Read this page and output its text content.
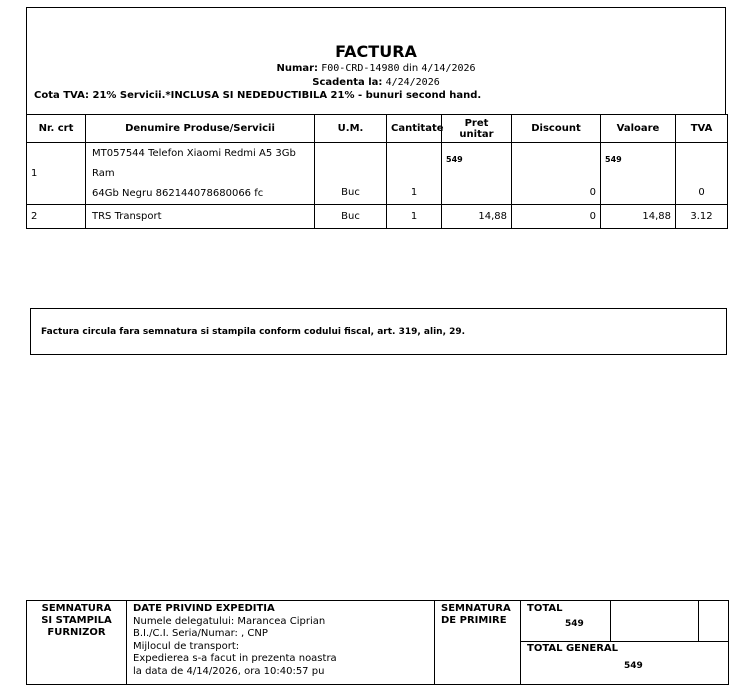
FACTURA
Numar: F00-CRD-14980 din 4/14/2026
Scadenta la: 4/24/2026
Cota TVA: 21% Servicii.*INCLUSA SI NEDEDUCTIBILA 21% - bunuri second hand.
Nr. crt	Denumire Produse/Servicii	U.M.	Cantitate	Pret unitar	Discount	Valoare	TVA
1	MT057544 Telefon Xiaomi Redmi A5 3Gb Ram
64Gb Negru 862144078680066 fc	Buc	1	549	0	549	0
2	TRS Transport	Buc	1	14,88	0	14,88	3.12
Factura circula fara semnatura si stampila conform codului fiscal, art. 319, alin, 29.
SEMNATURA
SI STAMPILA
FURNIZOR
DATE PRIVIND EXPEDITIA
Numele delegatului: Marancea Ciprian
B.I./C.I. Seria/Numar: , CNP
Mijlocul de transport:
Expedierea s-a facut in prezenta noastra
la data de 4/14/2026, ora 10:40:57 pu
SEMNATURA
DE PRIMIRE
TOTAL
549
TOTAL GENERAL
549
